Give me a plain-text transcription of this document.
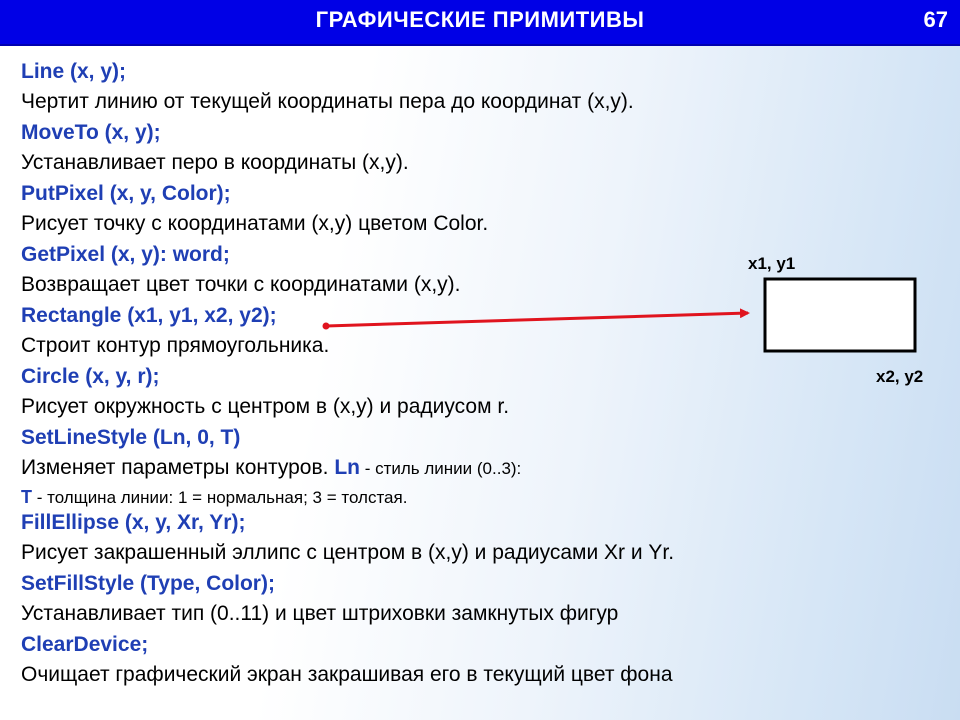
ГРАФИЧЕСКИЕ ПРИМИТИВЫ	67
Line (x, y);
Чертит линию от текущей координаты пера до координат (x,y).
MoveTo (x, y);
Устанавливает перо в координаты (x,y).
PutPixel (x, y, Color);
Рисует точку с координатами (x,y) цветом Color.
GetPixel (x, y): word;
Возвращает цвет точки с координатами (x,y).
Rectangle (x1, y1, x2, y2);
Строит контур прямоугольника.
Circle (x, y, r);
Рисует окружность с центром в (x,y) и радиусом r.
SetLineStyle (Ln, 0, T)
Изменяет параметры контуров. Ln - стиль линии (0..3):
T - толщина линии: 1 = нормальная; 3 = толстая.
FillEllipse (x, y, Xr, Yr);
Рисует закрашенный эллипс с центром в (x,y) и радиусами Xr и Yr.
SetFillStyle (Type, Color);
Устанавливает тип (0..11) и цвет штриховки замкнутых фигур
ClearDevice;
Очищает графический экран закрашивая его в текущий цвет фона
x1, y1
x2, y2
